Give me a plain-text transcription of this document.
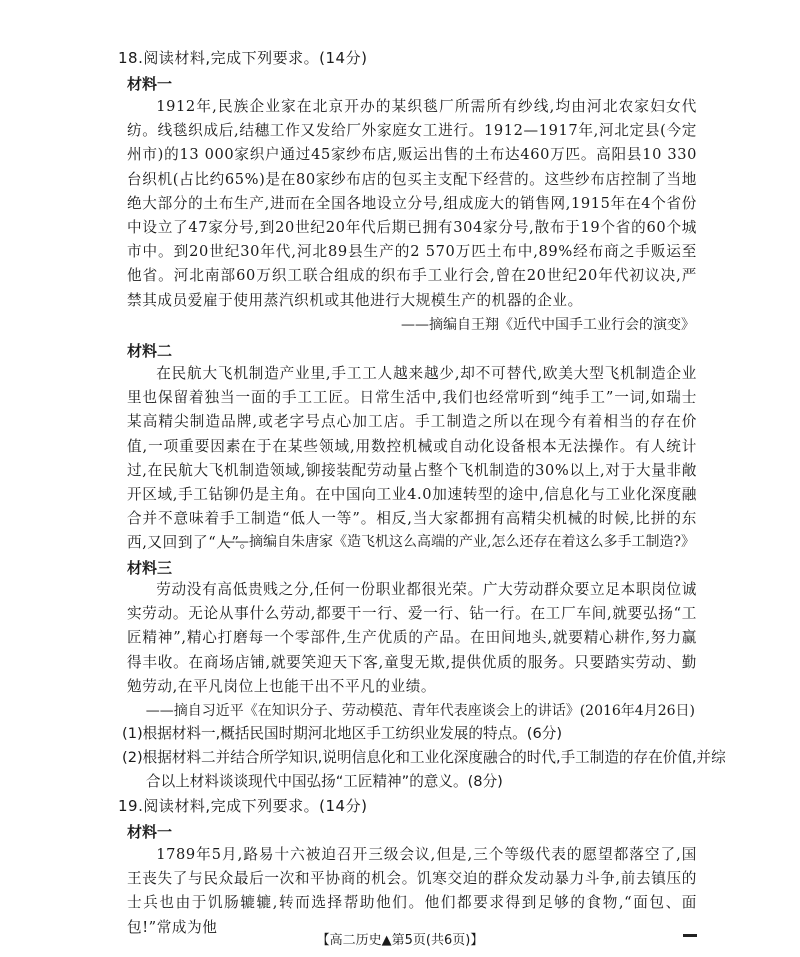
18.阅读材料,完成下列要求。(14分)
材料一
1912年,民族企业家在北京开办的某织毯厂所需所有纱线,均由河北农家妇女代纺。线毯织成后,结穗工作又发给厂外家庭女工进行。1912—1917年,河北定县(今定州市)的13 000家织户通过45家纱布店,贩运出售的土布达460万匹。高阳县10 330台织机(占比约65%)是在80家纱布店的包买主支配下经营的。这些纱布店控制了当地绝大部分的土布生产,进而在全国各地设立分号,组成庞大的销售网,1915年在4个省份中设立了47家分号,到20世纪20年代后期已拥有304家分号,散布于19个省的60个城市中。到20世纪30年代,河北89县生产的2 570万匹土布中,89%经布商之手贩运至他省。河北南部60万织工联合组成的织布手工业行会,曾在20世纪20年代初议决,严禁其成员爱雇于使用蒸汽织机或其他进行大规模生产的机器的企业。
——摘编自王翔《近代中国手工业行会的演变》
材料二
在民航大飞机制造产业里,手工工人越来越少,却不可替代,欧美大型飞机制造企业里也保留着独当一面的手工工匠。日常生活中,我们也经常听到“纯手工”一词,如瑞士某高精尖制造品牌,或老字号点心加工店。手工制造之所以在现今有着相当的存在价值,一项重要因素在于在某些领域,用数控机械或自动化设备根本无法操作。有人统计过,在民航大飞机制造领域,铆接装配劳动量占整个飞机制造的30%以上,对于大量非敞开区域,手工钻铆仍是主角。在中国向工业4.0加速转型的途中,信息化与工业化深度融合并不意味着手工制造“低人一等”。相反,当大家都拥有高精尖机械的时候,比拼的东西,又回到了“人”。
——摘编自朱唐家《造飞机这么高端的产业,怎么还存在着这么多手工制造?》
材料三
劳动没有高低贵贱之分,任何一份职业都很光荣。广大劳动群众要立足本职岗位诚实劳动。无论从事什么劳动,都要干一行、爱一行、钻一行。在工厂车间,就要弘扬“工匠精神”,精心打磨每一个零部件,生产优质的产品。在田间地头,就要精心耕作,努力赢得丰收。在商场店铺,就要笑迎天下客,童叟无欺,提供优质的服务。只要踏实劳动、勤勉劳动,在平凡岗位上也能干出不平凡的业绩。
——摘自习近平《在知识分子、劳动模范、青年代表座谈会上的讲话》(2016年4月26日)
(1)根据材料一,概括民国时期河北地区手工纺织业发展的特点。(6分)
(2)根据材料二并结合所学知识,说明信息化和工业化深度融合的时代,手工制造的存在价值,并综合以上材料谈谈现代中国弘扬“工匠精神”的意义。(8分)
19.阅读材料,完成下列要求。(14分)
材料一
1789年5月,路易十六被迫召开三级会议,但是,三个等级代表的愿望都落空了,国王丧失了与民众最后一次和平协商的机会。饥寒交迫的群众发动暴力斗争,前去镇压的士兵也由于饥肠辘辘,转而选择帮助他们。他们都要求得到足够的食物,“面包、面包!”常成为他
【高二历史▲第5页(共6页)】
